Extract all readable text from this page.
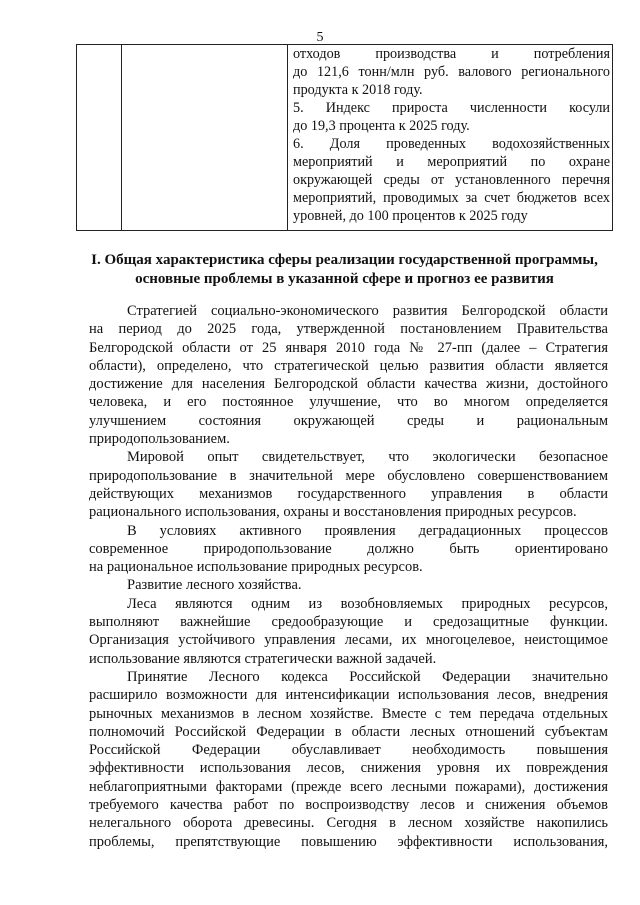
5

отходов производства и потребления
до 121,6 тонн/млн руб. валового регионального
продукта к 2018 году.
5. Индекс прироста численности косули
до 19,3 процента к 2025 году.
6. Доля проведенных водохозяйственных
мероприятий и мероприятий по охране
окружающей среды от установленного перечня
мероприятий, проводимых за счет бюджетов всех
уровней, до 100 процентов к 2025 году
I. Общая характеристика сферы реализации государственной программы,
основные проблемы в указанной сфере и прогноз ее развития
Стратегией социально-экономического развития Белгородской области
на период до 2025 года, утвержденной постановлением Правительства
Белгородской области от 25 января 2010 года № 27-пп (далее – Стратегия
области), определено, что стратегической целью развития области является
достижение для населения Белгородской области качества жизни, достойного
человека, и его постоянное улучшение, что во многом определяется
улучшением состояния окружающей среды и рациональным
природопользованием.
Мировой опыт свидетельствует, что экологически безопасное
природопользование в значительной мере обусловлено совершенствованием
действующих механизмов государственного управления в области
рационального использования, охраны и восстановления природных ресурсов.
В условиях активного проявления деградационных процессов
современное природопользование должно быть ориентировано
на рациональное использование природных ресурсов.
Развитие лесного хозяйства.
Леса являются одним из возобновляемых природных ресурсов,
выполняют важнейшие средообразующие и средозащитные функции.
Организация устойчивого управления лесами, их многоцелевое, неистощимое
использование являются стратегически важной задачей.
Принятие Лесного кодекса Российской Федерации значительно
расширило возможности для интенсификации использования лесов, внедрения
рыночных механизмов в лесном хозяйстве. Вместе с тем передача отдельных
полномочий Российской Федерации в области лесных отношений субъектам
Российской Федерации обуславливает необходимость повышения
эффективности использования лесов, снижения уровня их повреждения
неблагоприятными факторами (прежде всего лесными пожарами), достижения
требуемого качества работ по воспроизводству лесов и снижения объемов
нелегального оборота древесины. Сегодня в лесном хозяйстве накопились
проблемы, препятствующие повышению эффективности использования,
